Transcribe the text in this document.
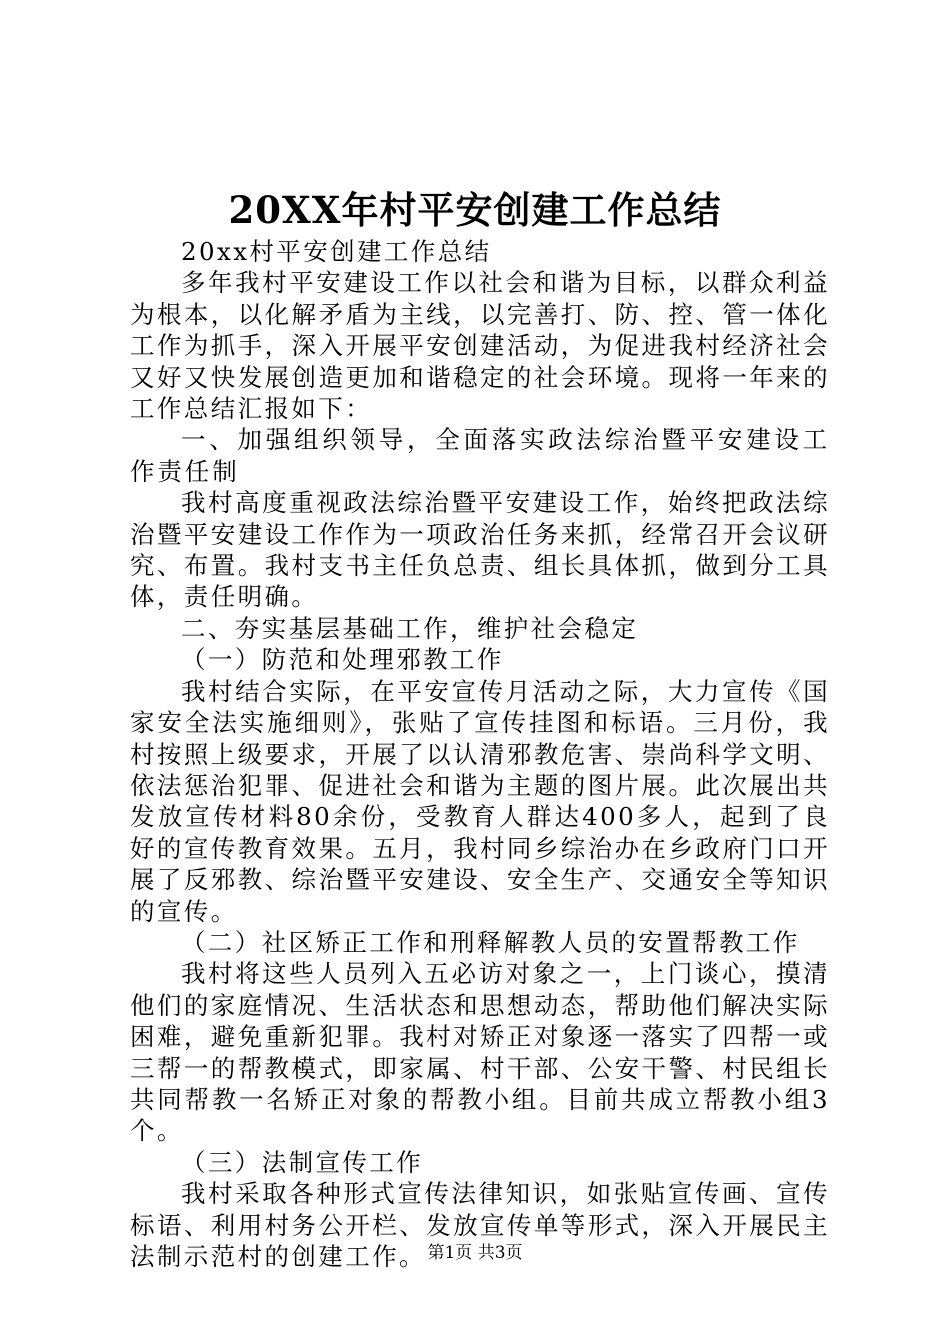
20XX年村平安创建工作总结

20xx村平安创建工作总结

多年我村平安建设工作以社会和谐为目标，以群众利益为根本，以化解矛盾为主线，以完善打、防、控、管一体化工作为抓手，深入开展平安创建活动，为促进我村经济社会又好又快发展创造更加和谐稳定的社会环境。现将一年来的工作总结汇报如下：

一、加强组织领导，全面落实政法综治暨平安建设工作责任制

我村高度重视政法综治暨平安建设工作，始终把政法综治暨平安建设工作作为一项政治任务来抓，经常召开会议研究、布置。我村支书主任负总责、组长具体抓，做到分工具体，责任明确。

二、夯实基层基础工作，维护社会稳定

（一）防范和处理邪教工作

我村结合实际，在平安宣传月活动之际，大力宣传《国家安全法实施细则》，张贴了宣传挂图和标语。三月份，我村按照上级要求，开展了以认清邪教危害、崇尚科学文明、依法惩治犯罪、促进社会和谐为主题的图片展。此次展出共发放宣传材料80余份，受教育人群达400多人，起到了良好的宣传教育效果。五月，我村同乡综治办在乡政府门口开展了反邪教、综治暨平安建设、安全生产、交通安全等知识的宣传。

（二）社区矫正工作和刑释解教人员的安置帮教工作

我村将这些人员列入五必访对象之一，上门谈心，摸清他们的家庭情况、生活状态和思想动态，帮助他们解决实际困难，避免重新犯罪。我村对矫正对象逐一落实了四帮一或三帮一的帮教模式，即家属、村干部、公安干警、村民组长共同帮教一名矫正对象的帮教小组。目前共成立帮教小组3个。

（三）法制宣传工作

我村采取各种形式宣传法律知识，如张贴宣传画、宣传标语、利用村务公开栏、发放宣传单等形式，深入开展民主法制示范村的创建工作。 第1页 共3页
